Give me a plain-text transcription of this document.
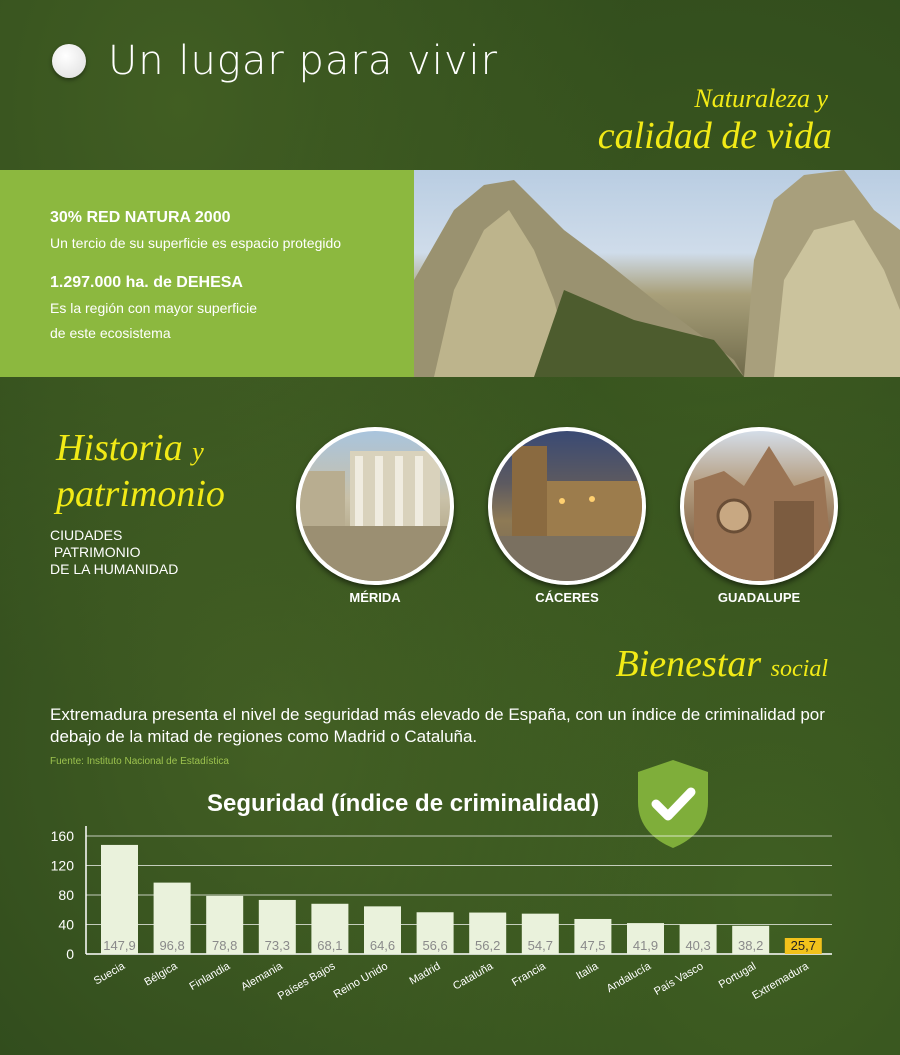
Un lugar para vivir
Naturaleza y
calidad de vida
30% RED NATURA 2000
Un tercio de su superficie es espacio protegido
1.297.000 ha. de DEHESA
Es la región con mayor superficie
de este ecosistema
Historia y
patrimonio
CIUDADES
PATRIMONIO
DE LA HUMANIDAD
MÉRIDA	CÁCERES	GUADALUPE
Bienestar social
Extremadura presenta el nivel de seguridad más elevado de España, con un índice de criminalidad por debajo de la mitad de regiones como Madrid o Cataluña.
Fuente: Instituto Nacional de Estadística
Seguridad (índice de criminalidad)
147,9 96,8 78,8 73,3 68,1 64,6 56,6 56,2 54,7 47,5 41,9 40,3 38,2 25,7
Suecia Bélgica Finlandia Alemania
Países Bajos
Reino Unido Madrid Cataluña Francia Italia Andalucía País Vasco Portugal
Extremadura
0
40
80
120
160
